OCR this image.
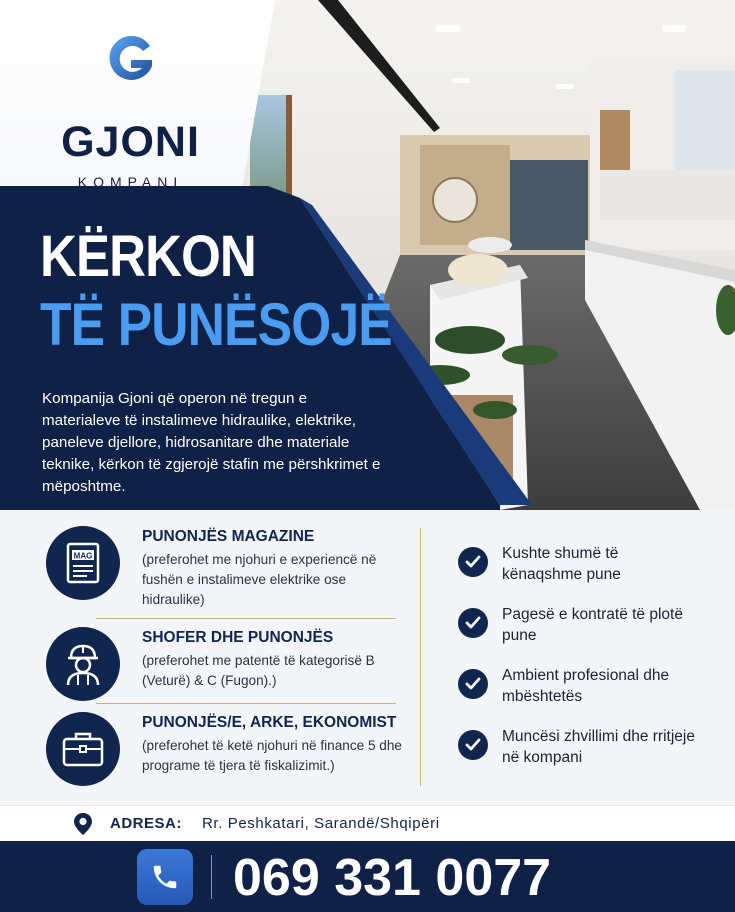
GJONI
KOMPANI
KËRKON
TË PUNËSOJË
Kompanija Gjoni që operon në tregun e materialeve të instalimeve hidraulike, elektrike, paneleve djellore, hidrosanitare dhe materiale teknike, kërkon të zgjerojë stafin me përshkrimet e mëposhtme.
MAG
PUNONJËS MAGAZINE
(preferohet me njohuri e experiencë në fushën e instalimeve elektrike ose hidraulike)
SHOFER DHE PUNONJËS
(preferohet me patentë të kategorisë B (Veturë) & C (Fugon).)
PUNONJËS/E, ARKE, EKONOMIST
(preferohet të ketë njohuri në finance 5 dhe programe të tjera të fiskalizimit.)
Kushte shumë të kënaqshme pune
Pagesë e kontratë të plotë pune
Ambient profesional dhe mbështetës
Muncësi zhvillimi dhe rritjeje në kompani
ADRESA: Rr. Peshkatari, Sarandë/Shqipëri
069 331 0077
